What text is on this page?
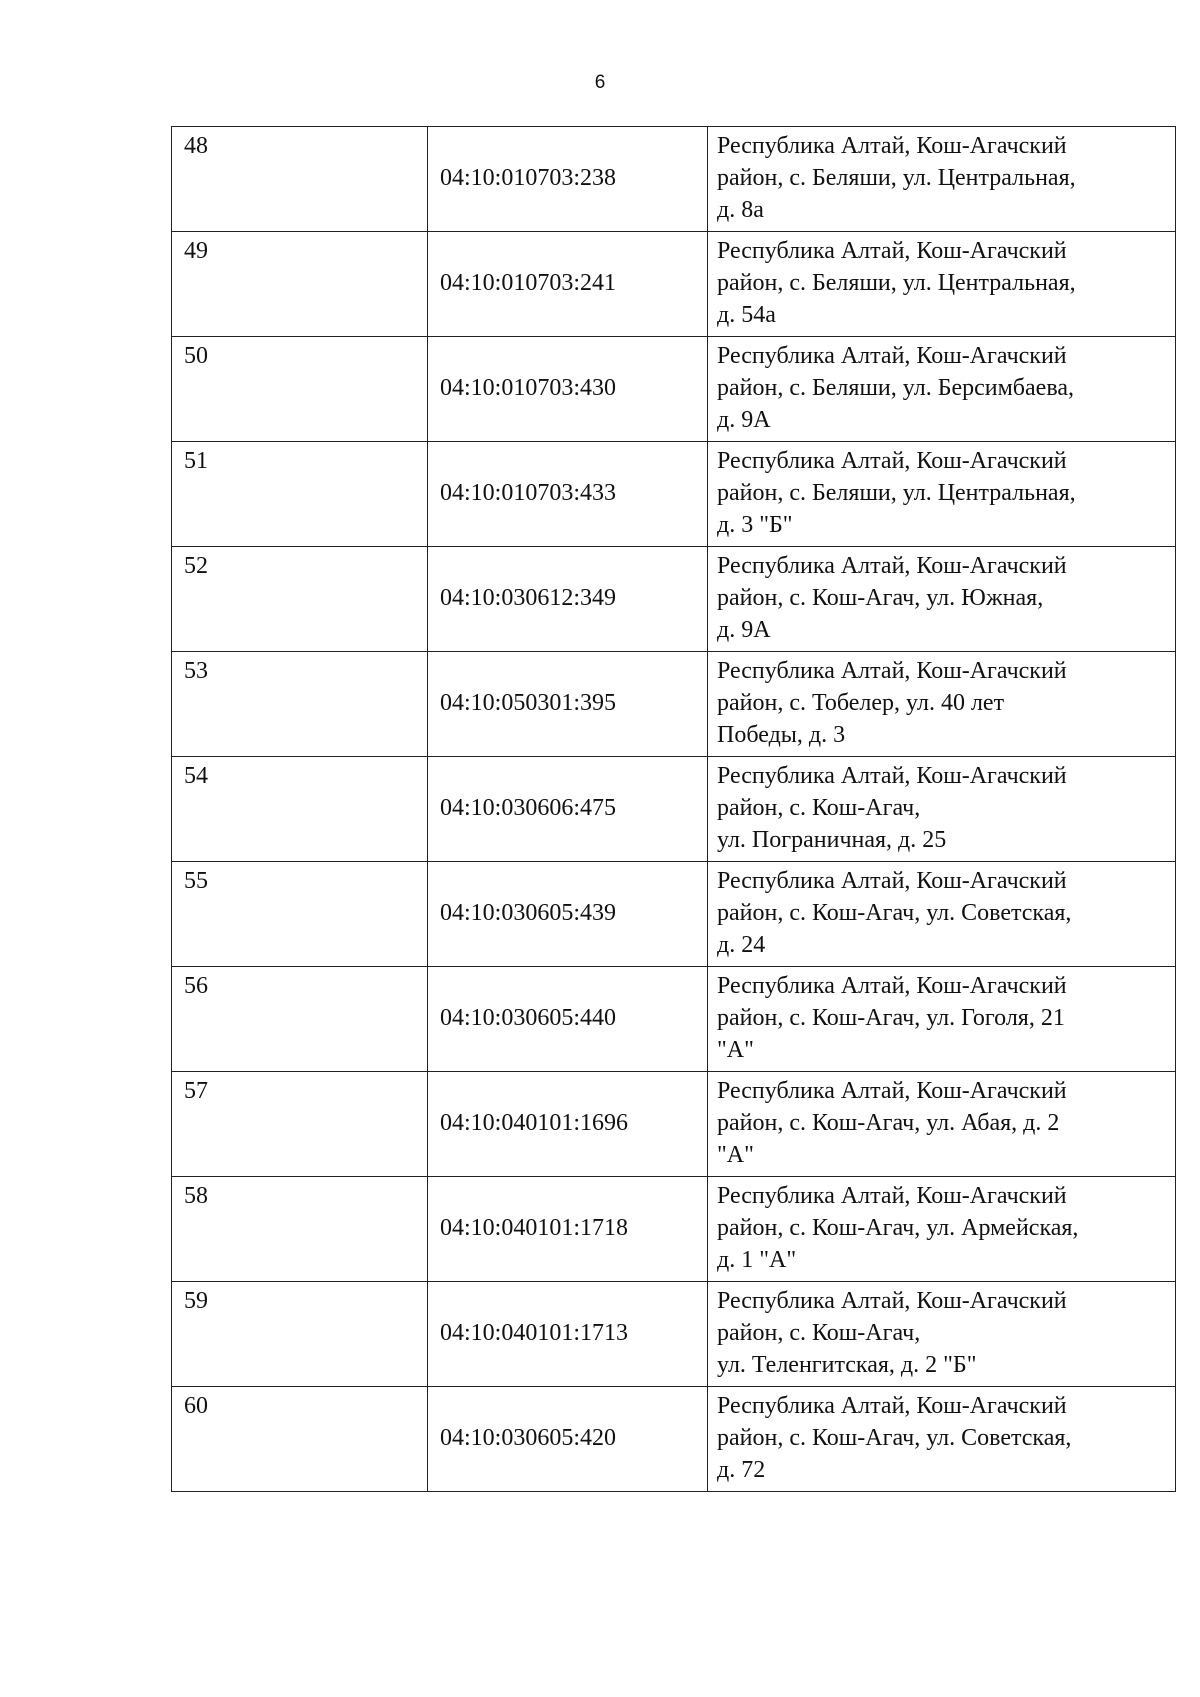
6
48	04:10:010703:238	Республика Алтай, Кош-Агачский
район, с. Беляши, ул. Центральная,
д. 8а

49	04:10:010703:241	Республика Алтай, Кош-Агачский
район, с. Беляши, ул. Центральная,
д. 54а

50	04:10:010703:430	Республика Алтай, Кош-Агачский
район, с. Беляши, ул. Берсимбаева,
д. 9А

51	04:10:010703:433	Республика Алтай, Кош-Агачский
район, с. Беляши, ул. Центральная,
д. 3 "Б"

52	04:10:030612:349	Республика Алтай, Кош-Агачский
район, с. Кош-Агач, ул. Южная,
д. 9А

53	04:10:050301:395	Республика Алтай, Кош-Агачский
район, с. Тобелер, ул. 40 лет
Победы, д. 3

54	04:10:030606:475	Республика Алтай, Кош-Агачский
район, с. Кош-Агач,
ул. Пограничная, д. 25

55	04:10:030605:439	Республика Алтай, Кош-Агачский
район, с. Кош-Агач, ул. Советская,
д. 24

56	04:10:030605:440	Республика Алтай, Кош-Агачский
район, с. Кош-Агач, ул. Гоголя, 21
"А"

57	04:10:040101:1696	Республика Алтай, Кош-Агачский
район, с. Кош-Агач, ул. Абая, д. 2
"А"

58	04:10:040101:1718	Республика Алтай, Кош-Агачский
район, с. Кош-Агач, ул. Армейская,
д. 1 "А"

59	04:10:040101:1713	Республика Алтай, Кош-Агачский
район, с. Кош-Агач,
ул. Теленгитская, д. 2 "Б"

60	04:10:030605:420	Республика Алтай, Кош-Агачский
район, с. Кош-Агач, ул. Советская,
д. 72
